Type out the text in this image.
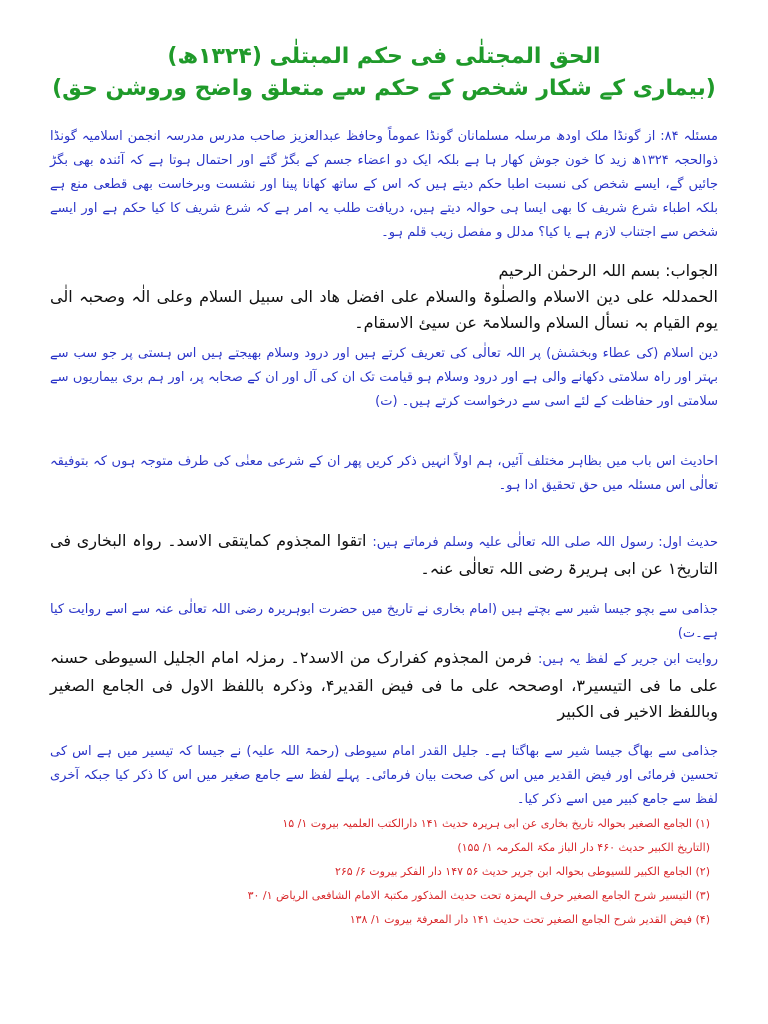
الحق المجتلٰی فی حکم المبتلٰی (۱۳۲۴ھ)
(بیماری کے شکار شخص کے حکم سے متعلق واضح وروشن حق)
مسئلہ ۸۴: از گونڈا ملک اودھ مرسلہ مسلمانان گونڈا عموماً وحافظ عبدالعزیز صاحب مدرس مدرسہ انجمن اسلامیہ گونڈا ذوالحجہ ۱۳۲۴ھ زید کا خون جوش کھار ہا ہے بلکہ ایک دو اعضاء جسم کے بگڑ گئے اور احتمال ہوتا ہے کہ آئندہ بھی بگڑ جائیں گے، ایسے شخص کی نسبت اطبا حکم دیتے ہیں کہ اس کے ساتھ کھانا پینا اور نشست وبرخاست بھی قطعی منع ہے بلکہ اطباء شرع شریف کا بھی ایسا ہی حوالہ دیتے ہیں، دریافت طلب یہ امر ہے کہ شرع شریف کا کیا حکم ہے اور ایسے شخص سے اجتناب لازم ہے یا کیا؟ مدلل و مفصل زیب قلم ہو۔
الجواب: بسم اللہ الرحمٰن الرحیم
الحمدللہ علی دین الاسلام والصلٰوۃ والسلام علی افضل ھاد الی سبیل السلام وعلی الٰہ وصحبہ الٰی یوم القیام بہ نسأل السلام والسلامۃ عن سیئ الاسقام۔
دین اسلام (کی عطاء وبخشش) پر اللہ تعالٰی کی تعریف کرتے ہیں اور درود وسلام بھیجتے ہیں اس ہستی پر جو سب سے بہتر اور راہ سلامتی دکھانے والی ہے اور درود وسلام ہو قیامت تک ان کی آل اور ان کے صحابہ پر، اور ہم بری بیماریوں سے سلامتی اور حفاظت کے لئے اسی سے درخواست کرتے ہیں۔ (ت)
احادیث اس باب میں بظاہر مختلف آئیں، ہم اولاً انہیں ذکر کریں پھر ان کے شرعی معنٰی کی طرف متوجہ ہوں کہ بتوفیقہ تعالٰی اس مسئلہ میں حق تحقیق ادا ہو۔
حدیث اول: رسول اللہ صلی اللہ تعالٰی علیہ وسلم فرماتے ہیں: اتقوا المجذوم کمایتقی الاسد۔ رواہ البخاری فی التاریخ۱ عن ابی ہریرۃ رضی اللہ تعالٰی عنہ۔
جذامی سے بچو جیسا شیر سے بچتے ہیں (امام بخاری نے تاریخ میں حضرت ابوہریرہ رضی اللہ تعالٰی عنہ سے اسے روایت کیا ہے۔ت)
روایت ابن جریر کے لفظ یہ ہیں: فرمن المجذوم کفرارک من الاسد۲۔ رمزلہ امام الجلیل السیوطی حسنہ علی ما فی التیسیر۳، اوصححہ علی ما فی فیض القدیر۴، وذکرہ باللفظ الاول فی الجامع الصغیر وباللفظ الاخیر فی الکبیر
جذامی سے بھاگ جیسا شیر سے بھاگتا ہے۔ جلیل القدر امام سیوطی (رحمۃ اللہ علیہ) نے جیسا کہ تیسیر میں ہے اس کی تحسین فرمائی اور فیض القدیر میں اس کی صحت بیان فرمائی۔ پہلے لفظ سے جامع صغیر میں اس کا ذکر کیا جبکہ آخری لفظ سے جامع کبیر میں اسے ذکر کیا۔
(۱) الجامع الصغیر بحوالہ تاریخ بخاری عن ابی ہریرہ حدیث ۱۴۱ دارالکتب العلمیہ بیروت ۱/ ۱۵
(التاریخ الکبیر حدیث ۴۶۰ دار الباز مکۃ المکرمہ ۱/ ۱۵۵)
(۲) الجامع الکبیر للسیوطی بحوالہ ابن جریر حدیث ۵۶ ۱۴۷ دار الفکر بیروت ۶/ ۲۶۵
(۳) التیسیر شرح الجامع الصغیر حرف الہمزہ تحت حدیث المذکور مکتبۃ الامام الشافعی الریاض ۱/ ۳۰
(۴) فیض القدیر شرح الجامع الصغیر تحت حدیث ۱۴۱ دار المعرفۃ بیروت ۱/ ۱۳۸
